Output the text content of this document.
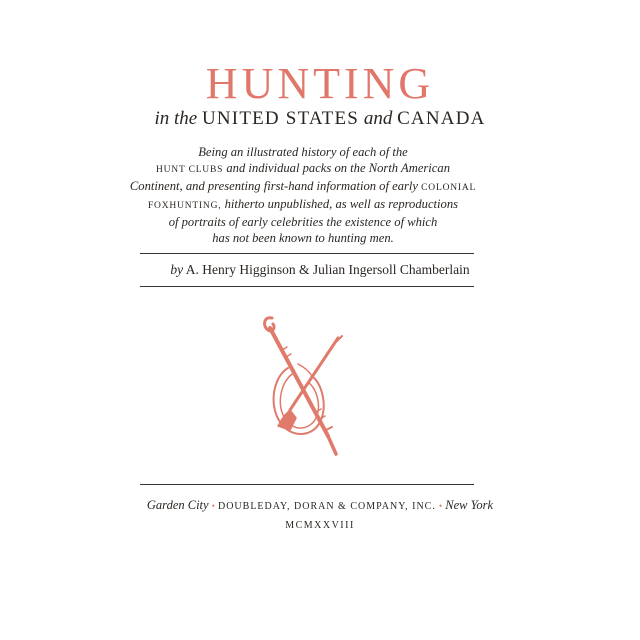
HUNTING
in the UNITED STATES and CANADA
Being an illustrated history of each of the
HUNT CLUBS and individual packs on the North American
Continent, and presenting first-hand information of early COLONIAL
FOXHUNTING, hitherto unpublished, as well as reproductions
of portraits of early celebrities the existence of which
has not been known to hunting men.
by A. Henry Higginson & Julian Ingersoll Chamberlain
Garden City • DOUBLEDAY, DORAN & COMPANY, INC. • New York
MCMXXVIII
